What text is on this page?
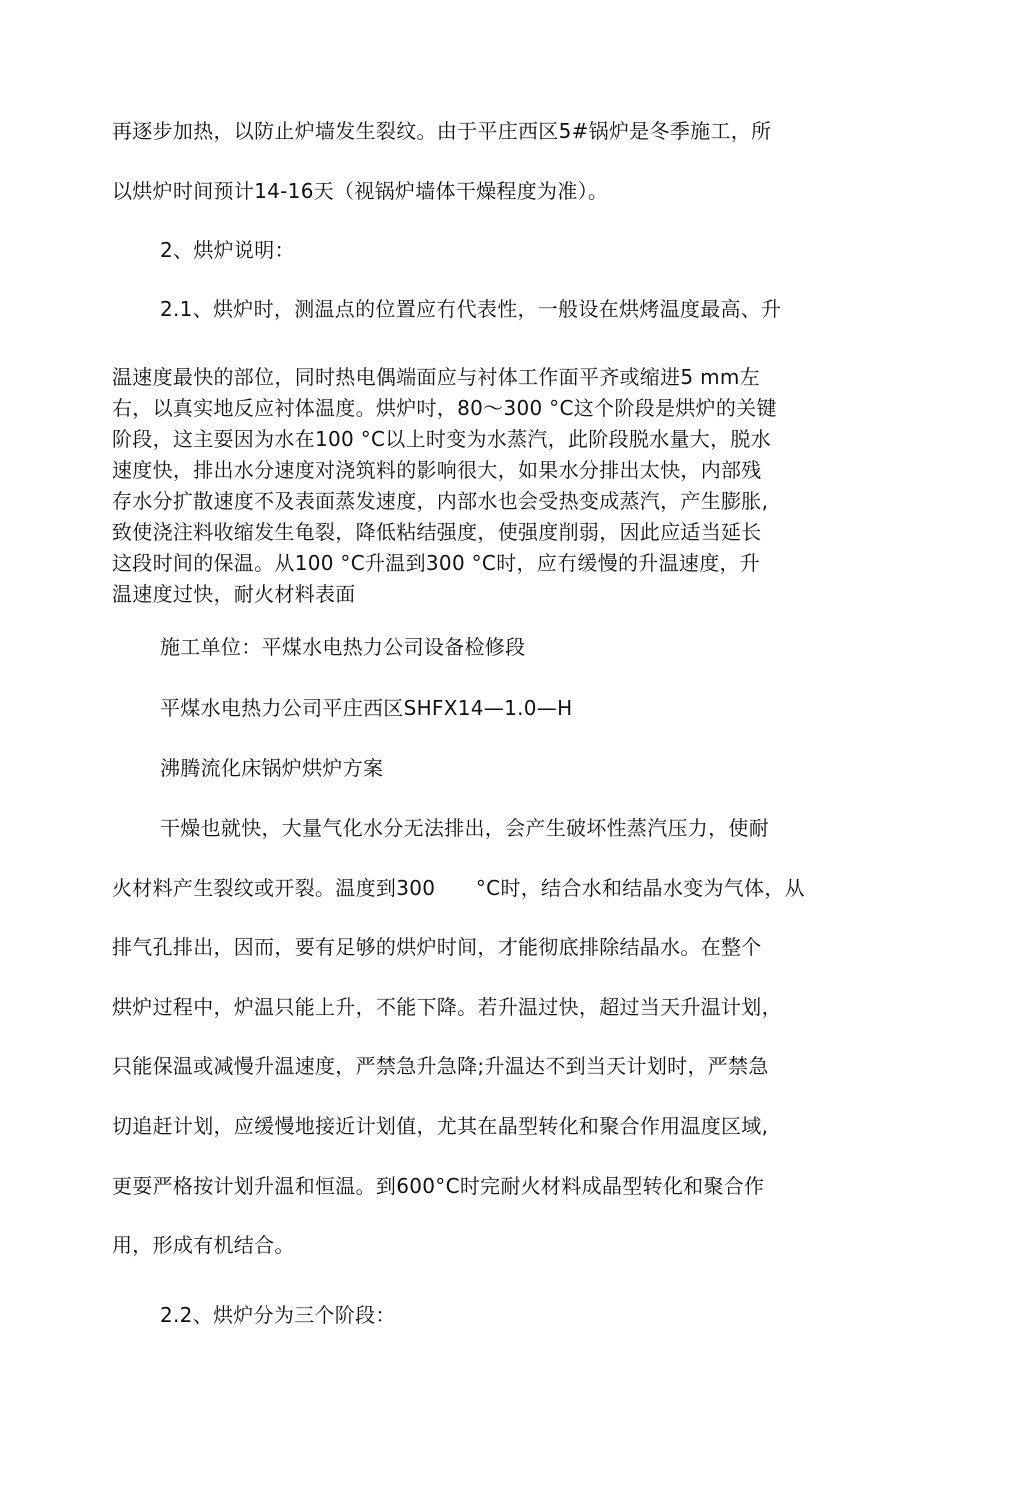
再逐步加热，以防止炉墙发生裂纹。由于平庄西区5#锅炉是冬季施工，所
以烘炉时间预计14-16天（视锅炉墙体干燥程度为准）。
2、烘炉说明：
2.1、烘炉时，测温点的位置应冇代表性，一般设在烘烤温度最高、升
温速度最快的部位，同时热电偶端面应与衬体工作面平齐或缩进5 mm左
右，以真实地反应衬体温度。烘炉吋，80～300 °C这个阶段是烘炉的关键
阶段，这主耍因为水在100 °C以上时变为水蒸汽，此阶段脱水量大，脱水
速度快，排出水分速度对浇筑料的影响很大，如果水分排出太快，内部残
存水分扩散速度不及表面蒸发速度，内部水也会受热变成蒸汽，产生膨胀,
致使浇注料收缩发生龟裂，降低粘结强度，使强度削弱，因此应适当延长
这段时间的保温。从100 °C升温到300 °C时，应冇缓慢的升温速度，升
温速度过快，耐火材料表面
施工单位：平煤水电热力公司设备检修段
平煤水电热力公司平庄西区SHFX14—1.0—H
沸腾流化床锅炉烘炉方案
干燥也就快，大量气化水分无法排出，会产生破坏性蒸汽压力，使耐
火材料产生裂纹或开裂。温度到300　　°C时，结合水和结晶水变为气体，从
排气孔排出，因而，要有足够的烘炉时间，才能彻底排除结晶水。在整个
烘炉过程中，炉温只能上升，不能下降。若升温过快，超过当天升温计划，
只能保温或减慢升温速度，严禁急升急降;升温达不到当天计划时，严禁急
切追赶计划，应缓慢地接近计划值，尤其在晶型转化和聚合作用温度区域,
更耍严格按计划升温和恒温。到600°C时完耐火材料成晶型转化和聚合作
用，形成有机结合。
2.2、烘炉分为三个阶段：
